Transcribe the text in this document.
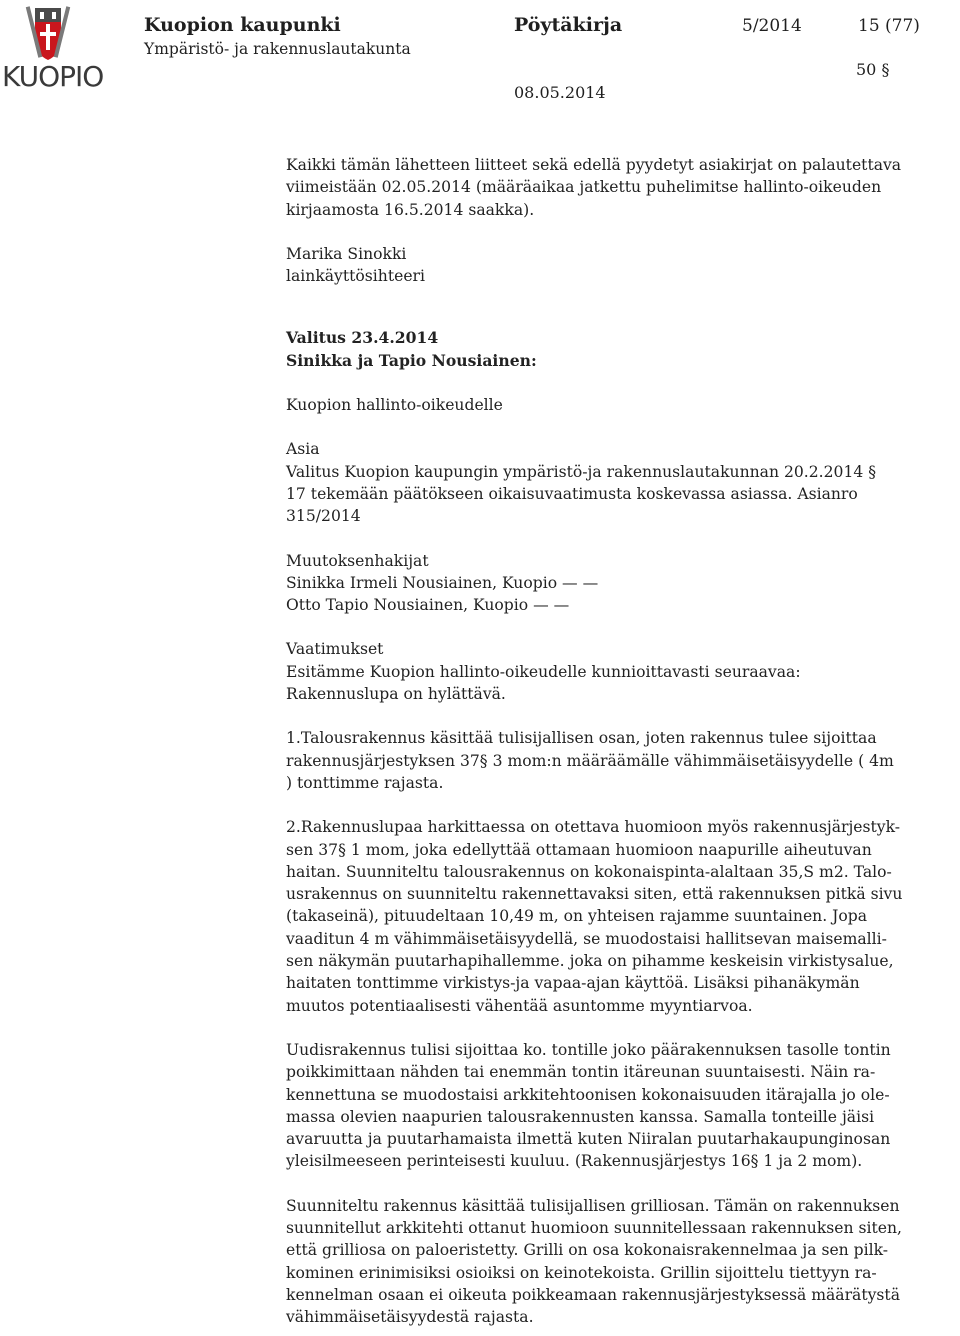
KUOPIO
Kuopion kaupunki
Ympäristö- ja rakennuslautakunta
Pöytäkirja	5/2014	15 (77)
50 §
08.05.2014

Kaikki tämän lähetteen liitteet sekä edellä pyydetyt asiakirjat on palautettava
viimeistään 02.05.2014 (määräaikaa jatkettu puhelimitse hallinto-oikeuden
kirjaamosta 16.5.2014 saakka).

Marika Sinokki
lainkäyttösihteeri

Valitus 23.4.2014
Sinikka ja Tapio Nousiainen:

Kuopion hallinto-oikeudelle

Asia
Valitus Kuopion kaupungin ympäristö-ja rakennuslautakunnan 20.2.2014 §
17 tekemään päätökseen oikaisuvaatimusta koskevassa asiassa. Asianro
315/2014

Muutoksenhakijat
Sinikka Irmeli Nousiainen, Kuopio — —
Otto Tapio Nousiainen, Kuopio — —

Vaatimukset
Esitämme Kuopion hallinto-oikeudelle kunnioittavasti seuraavaa:
Rakennuslupa on hylättävä.

1.Talousrakennus käsittää tulisijallisen osan, joten rakennus tulee sijoittaa
rakennusjärjestyksen 37§ 3 mom:n määräämälle vähimmäisetäisyydelle ( 4m
) tonttimme rajasta.

2.Rakennuslupaa harkittaessa on otettava huomioon myös rakennusjärjestyk-
sen 37§ 1 mom, joka edellyttää ottamaan huomioon naapurille aiheutuvan
haitan. Suunniteltu talousrakennus on kokonaispinta-alaltaan 35,S m2. Talo-
usrakennus on suunniteltu rakennettavaksi siten, että rakennuksen pitkä sivu
(takaseinä), pituudeltaan 10,49 m, on yhteisen rajamme suuntainen. Jopa
vaaditun 4 m vähimmäisetäisyydellä, se muodostaisi hallitsevan maisemalli-
sen näkymän puutarhapihallemme. joka on pihamme keskeisin virkistysalue,
haitaten tonttimme virkistys-ja vapaa-ajan käyttöä. Lisäksi pihanäkymän
muutos potentiaalisesti vähentää asuntomme myyntiarvoa.

Uudisrakennus tulisi sijoittaa ko. tontille joko päärakennuksen tasolle tontin
poikkimittaan nähden tai enemmän tontin itäreunan suuntaisesti. Näin ra-
kennettuna se muodostaisi arkkitehtoonisen kokonaisuuden itärajalla jo ole-
massa olevien naapurien talousrakennusten kanssa. Samalla tonteille jäisi
avaruutta ja puutarhamaista ilmettä kuten Niiralan puutarhakaupunginosan
yleisilmeeseen perinteisesti kuuluu. (Rakennusjärjestys 16§ 1 ja 2 mom).

Suunniteltu rakennus käsittää tulisijallisen grilliosan. Tämän on rakennuksen
suunnitellut arkkitehti ottanut huomioon suunnitellessaan rakennuksen siten,
että grilliosa on paloeristetty. Grilli on osa kokonaisrakennelmaa ja sen pilk-
kominen erinimisiksi osioiksi on keinotekoista. Grillin sijoittelu tiettyyn ra-
kennelman osaan ei oikeuta poikkeamaan rakennusjärjestyksessä määrätystä
vähimmäisetäisyydestä rajasta.
